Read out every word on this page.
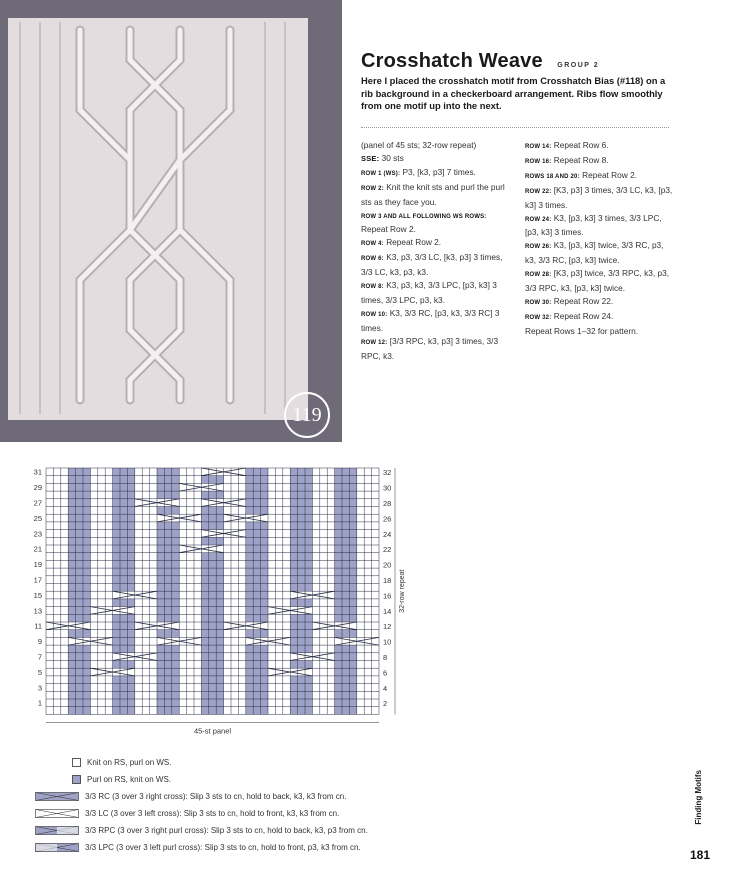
119
Crosshatch Weave GROUP 2
Here I placed the crosshatch motif from Crosshatch Bias (#118) on a rib background in a checkerboard arrangement. Ribs flow smoothly from one motif up into the next.

(panel of 45 sts; 32-row repeat)

SSE: 30 sts

ROW 1 (WS): P3, [k3, p3] 7 times.

ROW 2: Knit the knit sts and purl the purl sts as they face you.

ROW 3 AND ALL FOLLOWING WS ROWS: Repeat Row 2.

ROW 4: Repeat Row 2.

ROW 6: K3, p3, 3/3 LC, [k3, p3] 3 times, 3/3 LC, k3, p3, k3.

ROW 8: K3, p3, k3, 3/3 LPC, [p3, k3] 3 times, 3/3 LPC, p3, k3.

ROW 10: K3, 3/3 RC, [p3, k3, 3/3 RC] 3 times.

ROW 12: [3/3 RPC, k3, p3] 3 times, 3/3 RPC, k3.

ROW 14: Repeat Row 6.

ROW 16: Repeat Row 8.

ROWS 18 AND 20: Repeat Row 2.

ROW 22: [K3, p3] 3 times, 3/3 LC, k3, [p3, k3] 3 times.

ROW 24: K3, [p3, k3] 3 times, 3/3 LPC, [p3, k3] 3 times.

ROW 26: K3, [p3, k3] twice, 3/3 RC, p3, k3, 3/3 RC, [p3, k3] twice.

ROW 28: [K3, p3] twice, 3/3 RPC, k3, p3, 3/3 RPC, k3, [p3, k3] twice.

ROW 30: Repeat Row 22.

ROW 32: Repeat Row 24.

Repeat Rows 1–32 for pattern.

31
29
27
25
23
21
19
17
15
13
11
9
7
5
3
1
32
30
28
26
24
22
20
18
16
14
12
10
8
6
4
2
32-row repeat
45-st panel
Knit on RS, purl on WS.
Purl on RS, knit on WS.
3/3 RC (3 over 3 right cross): Slip 3 sts to cn, hold to back, k3, k3 from cn.
3/3 LC (3 over 3 left cross): Slip 3 sts to cn, hold to front, k3, k3 from cn.
3/3 RPC (3 over 3 right purl cross): Slip 3 sts to cn, hold to back, k3, p3 from cn.
3/3 LPC (3 over 3 left purl cross): Slip 3 sts to cn, hold to front, p3, k3 from cn.
Finding Motifs
181
